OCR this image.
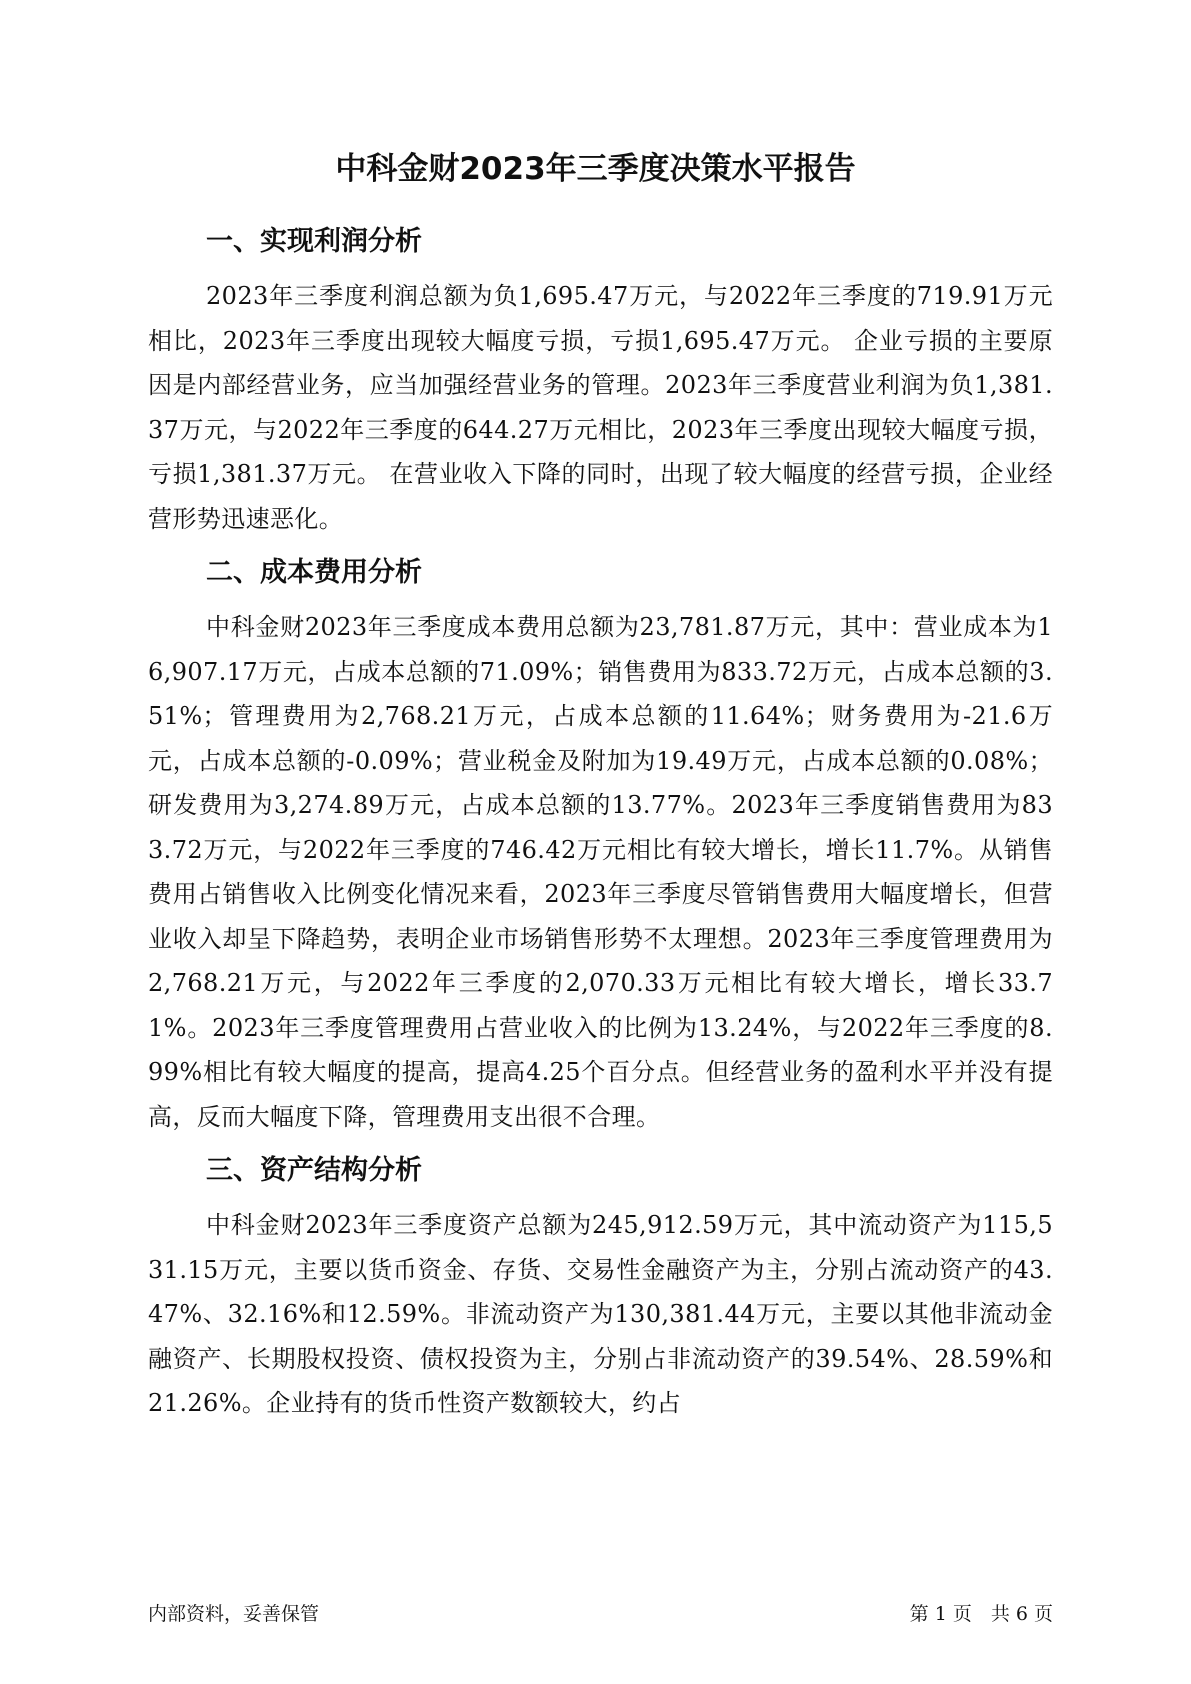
中科金财2023年三季度决策水平报告
一、实现利润分析

2023年三季度利润总额为负1,695.47万元，与2022年三季度的719.91万元相比，2023年三季度出现较大幅度亏损，亏损1,695.47万元。 企业亏损的主要原因是内部经营业务，应当加强经营业务的管理。2023年三季度营业利润为负1,381.37万元，与2022年三季度的644.27万元相比，2023年三季度出现较大幅度亏损，亏损1,381.37万元。 在营业收入下降的同时，出现了较大幅度的经营亏损，企业经营形势迅速恶化。

二、成本费用分析

中科金财2023年三季度成本费用总额为23,781.87万元，其中：营业成本为16,907.17万元，占成本总额的71.09%；销售费用为833.72万元，占成本总额的3.51%；管理费用为2,768.21万元，占成本总额的11.64%；财务费用为-21.6万元，占成本总额的-0.09%；营业税金及附加为19.49万元，占成本总额的0.08%；研发费用为3,274.89万元，占成本总额的13.77%。2023年三季度销售费用为833.72万元，与2022年三季度的746.42万元相比有较大增长，增长11.7%。从销售费用占销售收入比例变化情况来看，2023年三季度尽管销售费用大幅度增长，但营业收入却呈下降趋势，表明企业市场销售形势不太理想。2023年三季度管理费用为2,768.21万元，与2022年三季度的2,070.33万元相比有较大增长，增长33.71%。2023年三季度管理费用占营业收入的比例为13.24%，与2022年三季度的8.99%相比有较大幅度的提高，提高4.25个百分点。但经营业务的盈利水平并没有提高，反而大幅度下降，管理费用支出很不合理。

三、资产结构分析

中科金财2023年三季度资产总额为245,912.59万元，其中流动资产为115,531.15万元，主要以货币资金、存货、交易性金融资产为主，分别占流动资产的43.47%、32.16%和12.59%。非流动资产为130,381.44万元，主要以其他非流动金融资产、长期股权投资、债权投资为主，分别占非流动资产的39.54%、28.59%和21.26%。企业持有的货币性资产数额较大，约占

内部资料，妥善保管	第 1 页　共 6 页
